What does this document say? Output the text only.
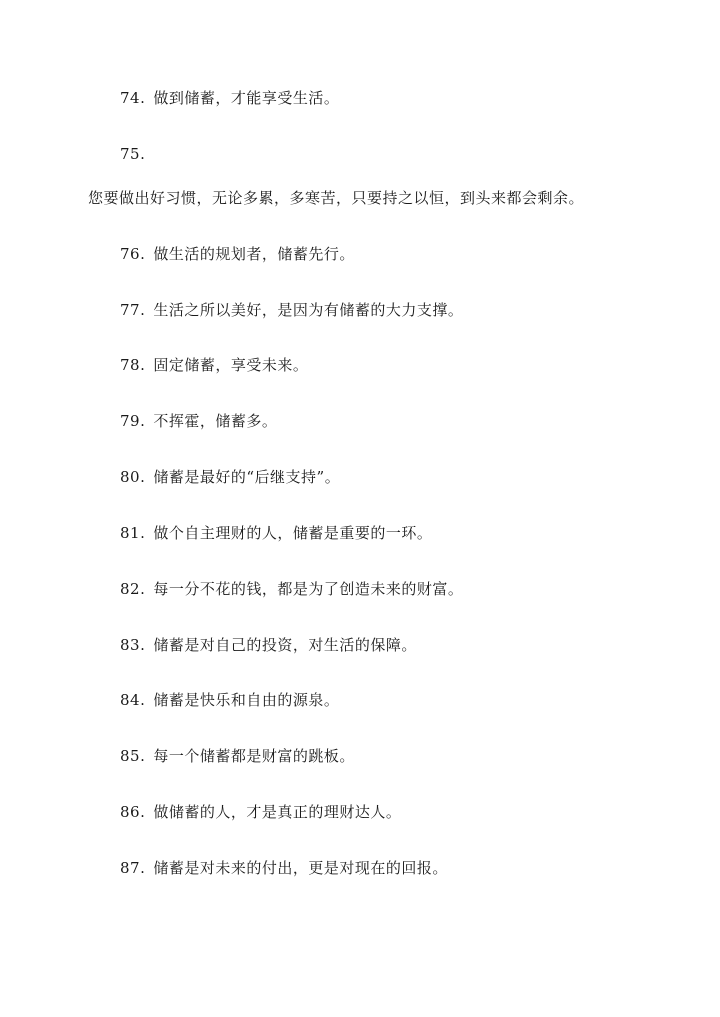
74. 做到储蓄，才能享受生活。
75.
您要做出好习惯，无论多累，多寒苦，只要持之以恒，到头来都会剩余。
76. 做生活的规划者，储蓄先行。
77. 生活之所以美好，是因为有储蓄的大力支撑。
78. 固定储蓄，享受未来。
79. 不挥霍，储蓄多。
80. 储蓄是最好的“后继支持”。
81. 做个自主理财的人，储蓄是重要的一环。
82. 每一分不花的钱，都是为了创造未来的财富。
83. 储蓄是对自己的投资，对生活的保障。
84. 储蓄是快乐和自由的源泉。
85. 每一个储蓄都是财富的跳板。
86. 做储蓄的人，才是真正的理财达人。
87. 储蓄是对未来的付出，更是对现在的回报。
